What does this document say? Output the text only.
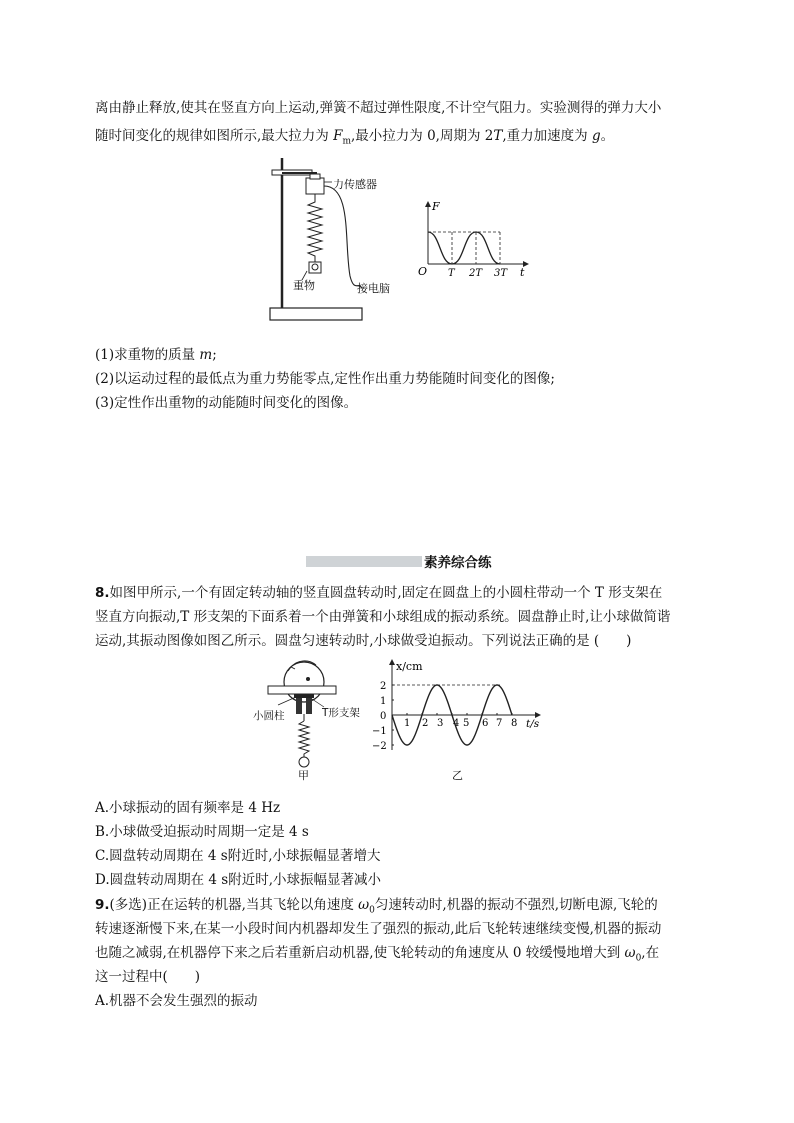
离由静止释放,使其在竖直方向上运动,弹簧不超过弹性限度,不计空气阻力。实验测得的弹力大小
随时间变化的规律如图所示,最大拉力为 $F_m$,最小拉力为 0,周期为 2T,重力加速度为 g。
力传感器
重物	接电脑
F
O T 2T 3T t
(1)求重物的质量 m;
(2)以运动过程的最低点为重力势能零点,定性作出重力势能随时间变化的图像;
(3)定性作出重物的动能随时间变化的图像。
素养综合练
8.如图甲所示,一个有固定转动轴的竖直圆盘转动时,固定在圆盘上的小圆柱带动一个 T 形支架在
竖直方向振动,T 形支架的下面系着一个由弹簧和小球组成的振动系统。圆盘静止时,让小球做简谐
运动,其振动图像如图乙所示。圆盘匀速转动时,小球做受迫振动。下列说法正确的是 (　　)
小圆柱	T形支架
甲
x/cm
2
1
0
−1
−2
1 2 3 4 5 6 7 8 t/s
乙
A.小球振动的固有频率是 4 Hz
B.小球做受迫振动时周期一定是 4 s
C.圆盘转动周期在 4 s附近时,小球振幅显著增大
D.圆盘转动周期在 4 s附近时,小球振幅显著减小
9.(多选)正在运转的机器,当其飞轮以角速度 $\omega_0$匀速转动时,机器的振动不强烈,切断电源,飞轮的
转速逐渐慢下来,在某一小段时间内机器却发生了强烈的振动,此后飞轮转速继续变慢,机器的振动
也随之减弱,在机器停下来之后若重新启动机器,使飞轮转动的角速度从 0 较缓慢地增大到 $\omega_0$,在
这一过程中(　　)
A.机器不会发生强烈的振动
